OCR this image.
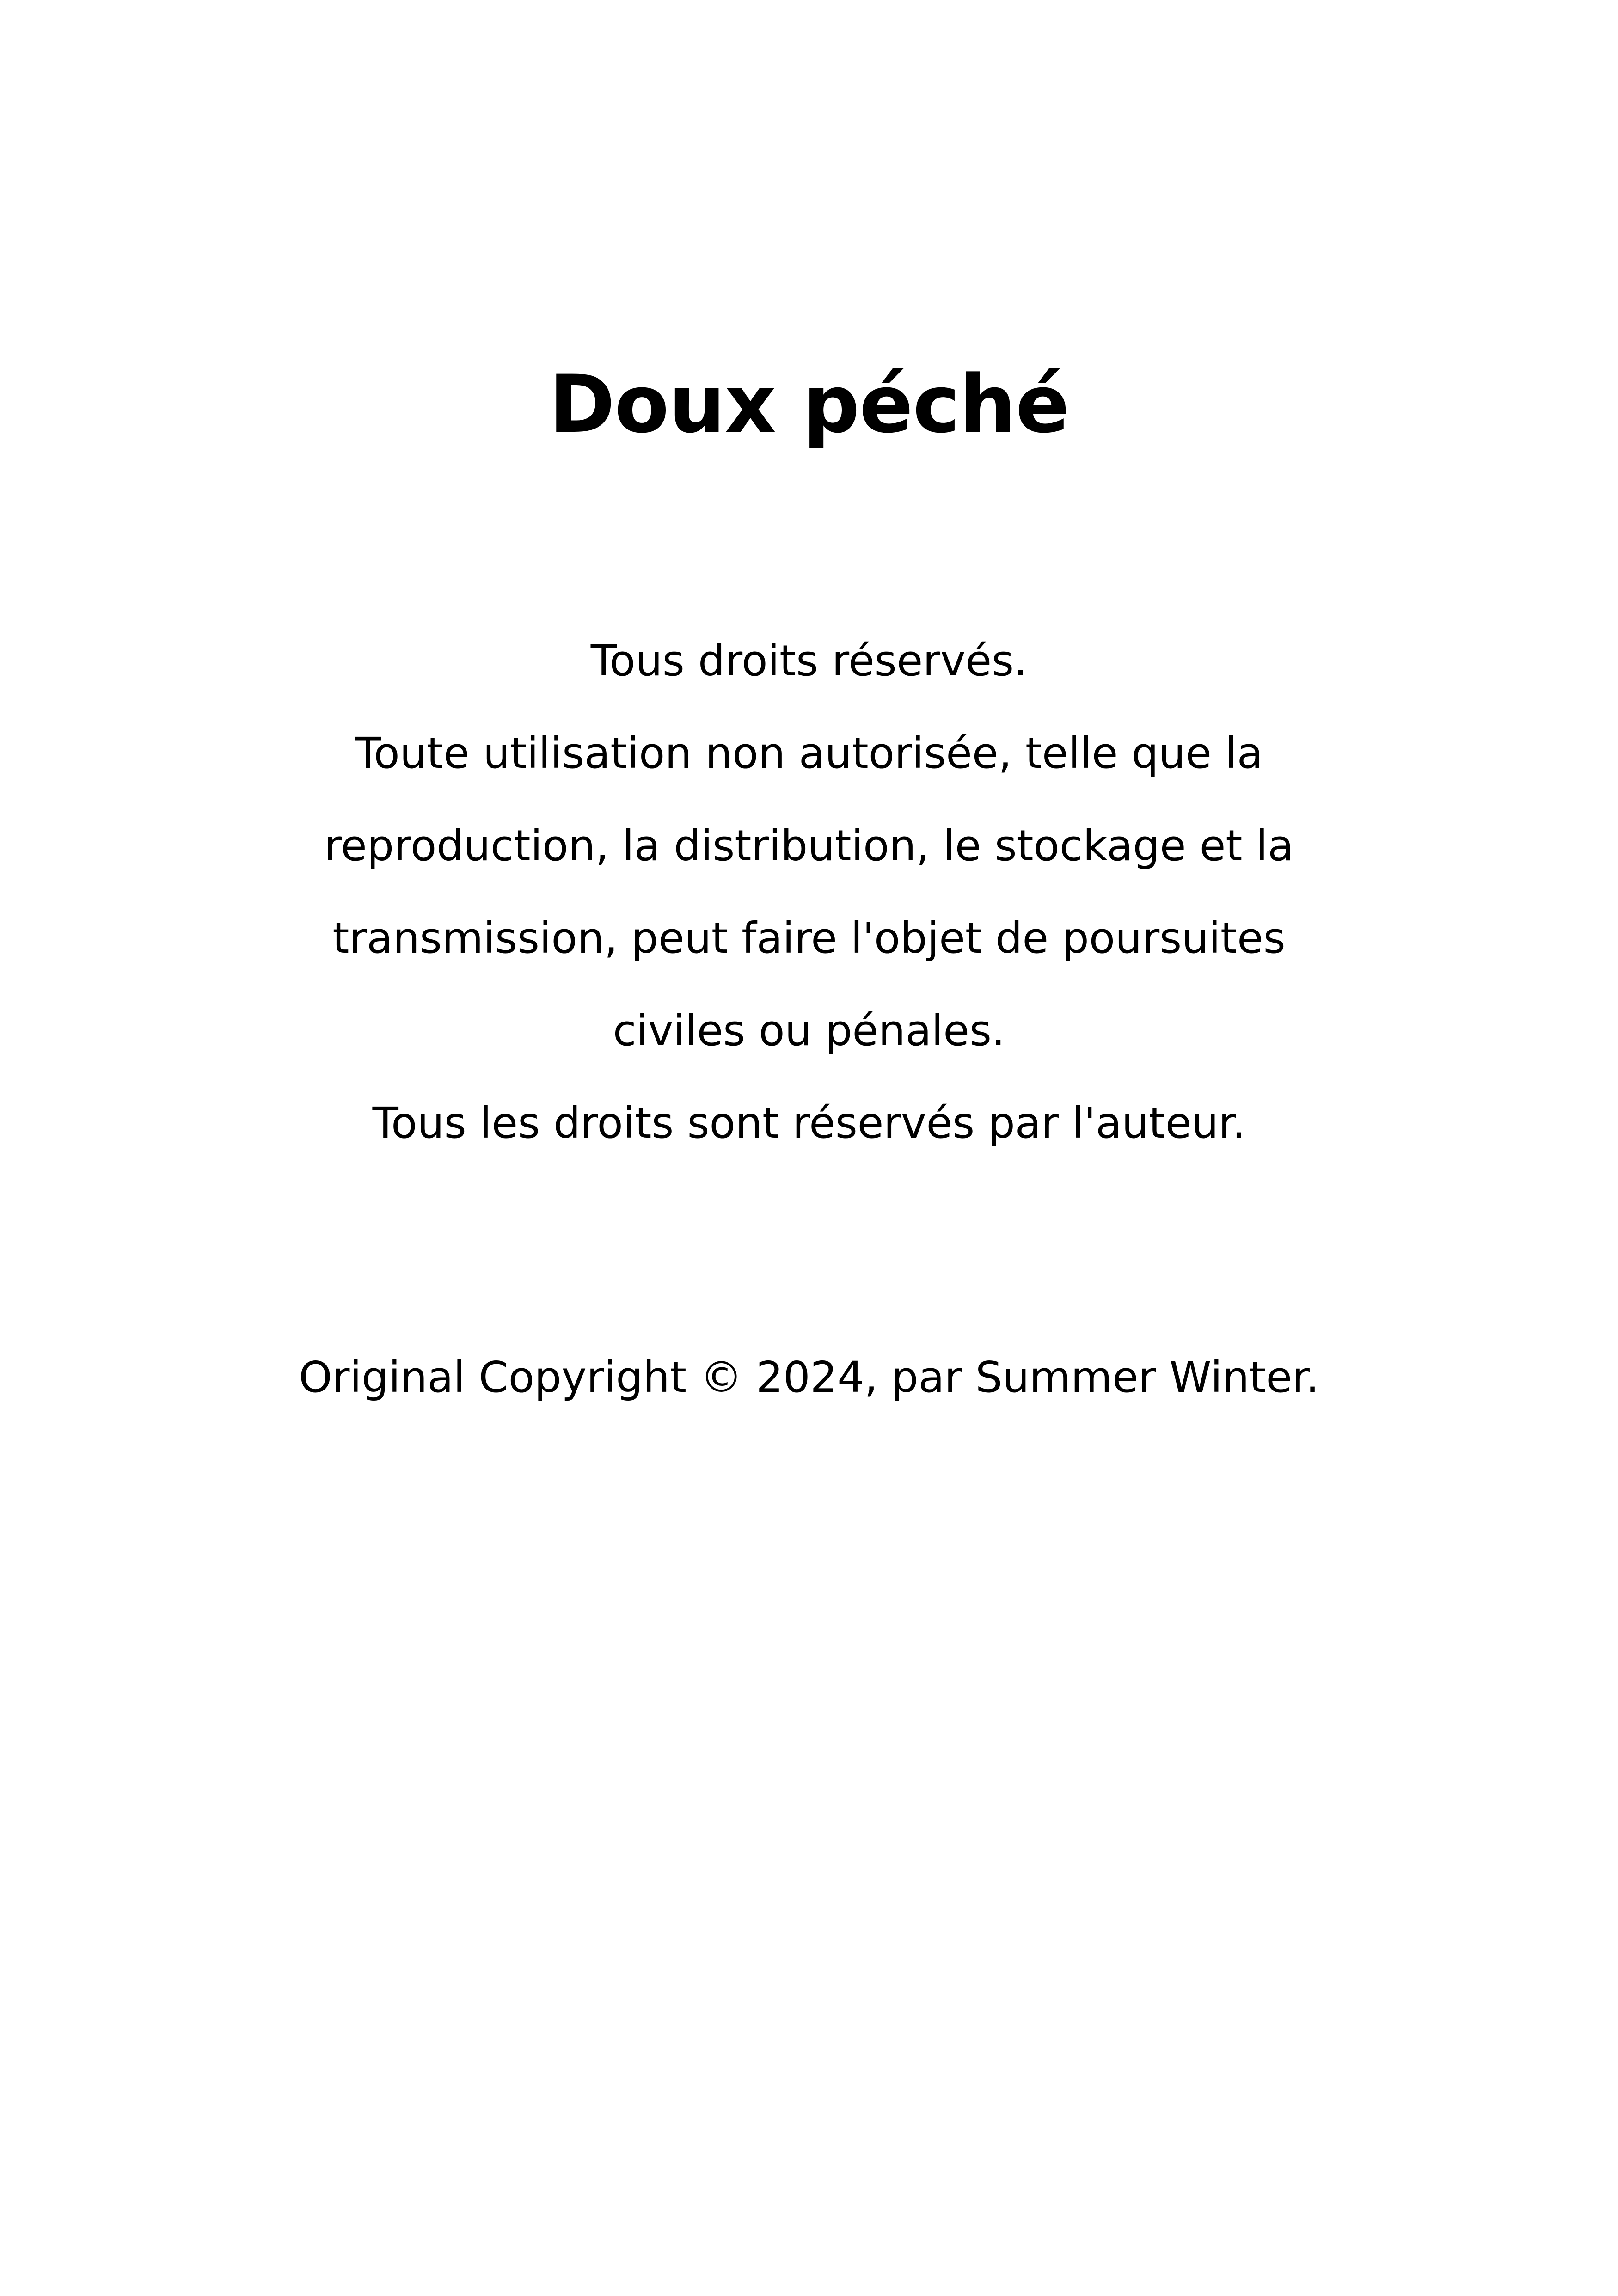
Doux péché
Tous droits réservés.
Toute utilisation non autorisée, telle que la
reproduction, la distribution, le stockage et la
transmission, peut faire l'objet de poursuites
civiles ou pénales.
Tous les droits sont réservés par l'auteur.
Original Copyright © 2024, par Summer Winter.
